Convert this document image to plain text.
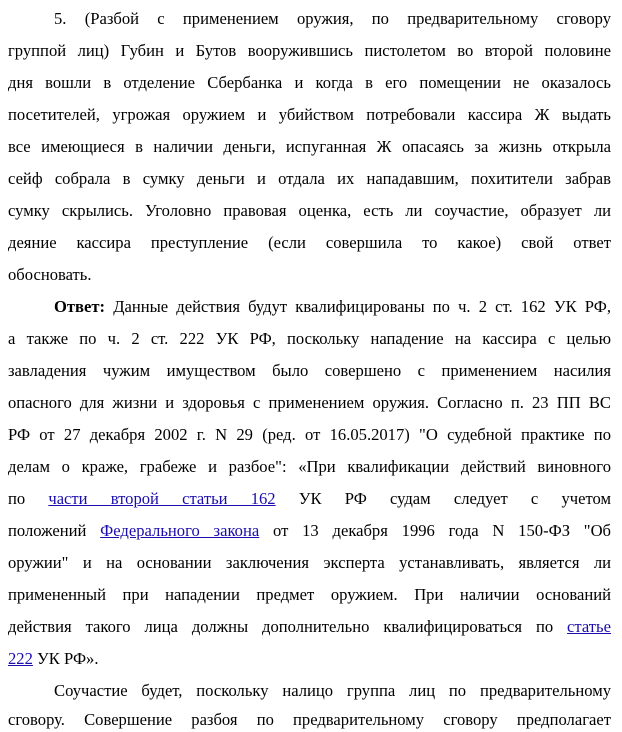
5. (Разбой с применением оружия, по предварительному сговору
группой лиц) Губин и Бутов вооружившись пистолетом во второй половине
дня вошли в отделение Сбербанка и когда в его помещении не оказалось
посетителей, угрожая оружием и убийством потребовали кассира Ж выдать
все имеющиеся в наличии деньги, испуганная Ж опасаясь за жизнь открыла
сейф собрала в сумку деньги и отдала их нападавшим, похитители забрав
сумку скрылись. Уголовно правовая оценка, есть ли соучастие, образует ли
деяние кассира преступление (если совершила то какое) свой ответ
обосновать.
Ответ: Данные действия будут квалифицированы по ч. 2 ст. 162 УК РФ,
а также по ч. 2 ст. 222 УК РФ, поскольку нападение на кассира с целью
завладения чужим имуществом было совершено с применением насилия
опасного для жизни и здоровья с применением оружия. Согласно п. 23 ПП ВС
РФ от 27 декабря 2002 г. N 29 (ред. от 16.05.2017) "О судебной практике по
делам о краже, грабеже и разбое": «При квалификации действий виновного
по части второй статьи 162 УК РФ судам следует с учетом
положений Федерального закона от 13 декабря 1996 года N 150-ФЗ "Об
оружии" и на основании заключения эксперта устанавливать, является ли
примененный при нападении предмет оружием. При наличии оснований
действия такого лица должны дополнительно квалифицироваться по статье
222 УК РФ».
Соучастие будет, поскольку налицо группа лиц по предварительному
сговору. Совершение разбоя по предварительному сговору предполагает
